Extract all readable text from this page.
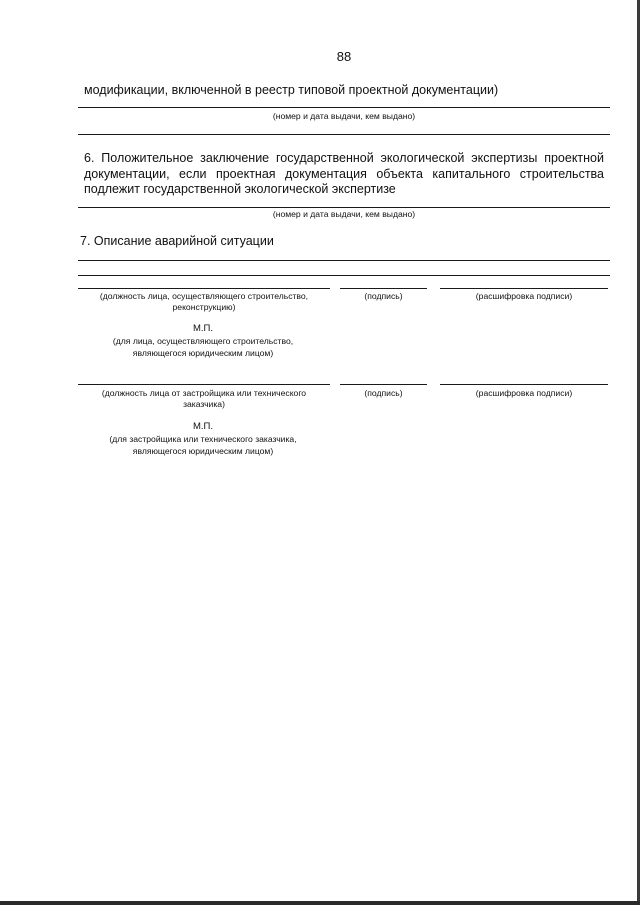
88
модификации, включенной в реестр типовой проектной документации)
(номер и дата выдачи, кем выдано)
6. Положительное заключение государственной экологической экспертизы проектной
документации, если проектная документация объекта капитального строительства
подлежит государственной экологической экспертизе
(номер и дата выдачи, кем выдано)
7. Описание аварийной ситуации
(должность лица, осуществляющего строительство,
реконструкцию)
(подпись)	(расшифровка подписи)
М.П.
(для лица, осуществляющего строительство,
являющегося юридическим лицом)
(должность лица от застройщика или технического
заказчика)
(подпись)	(расшифровка подписи)
М.П.
(для застройщика или технического заказчика,
являющегося юридическим лицом)
